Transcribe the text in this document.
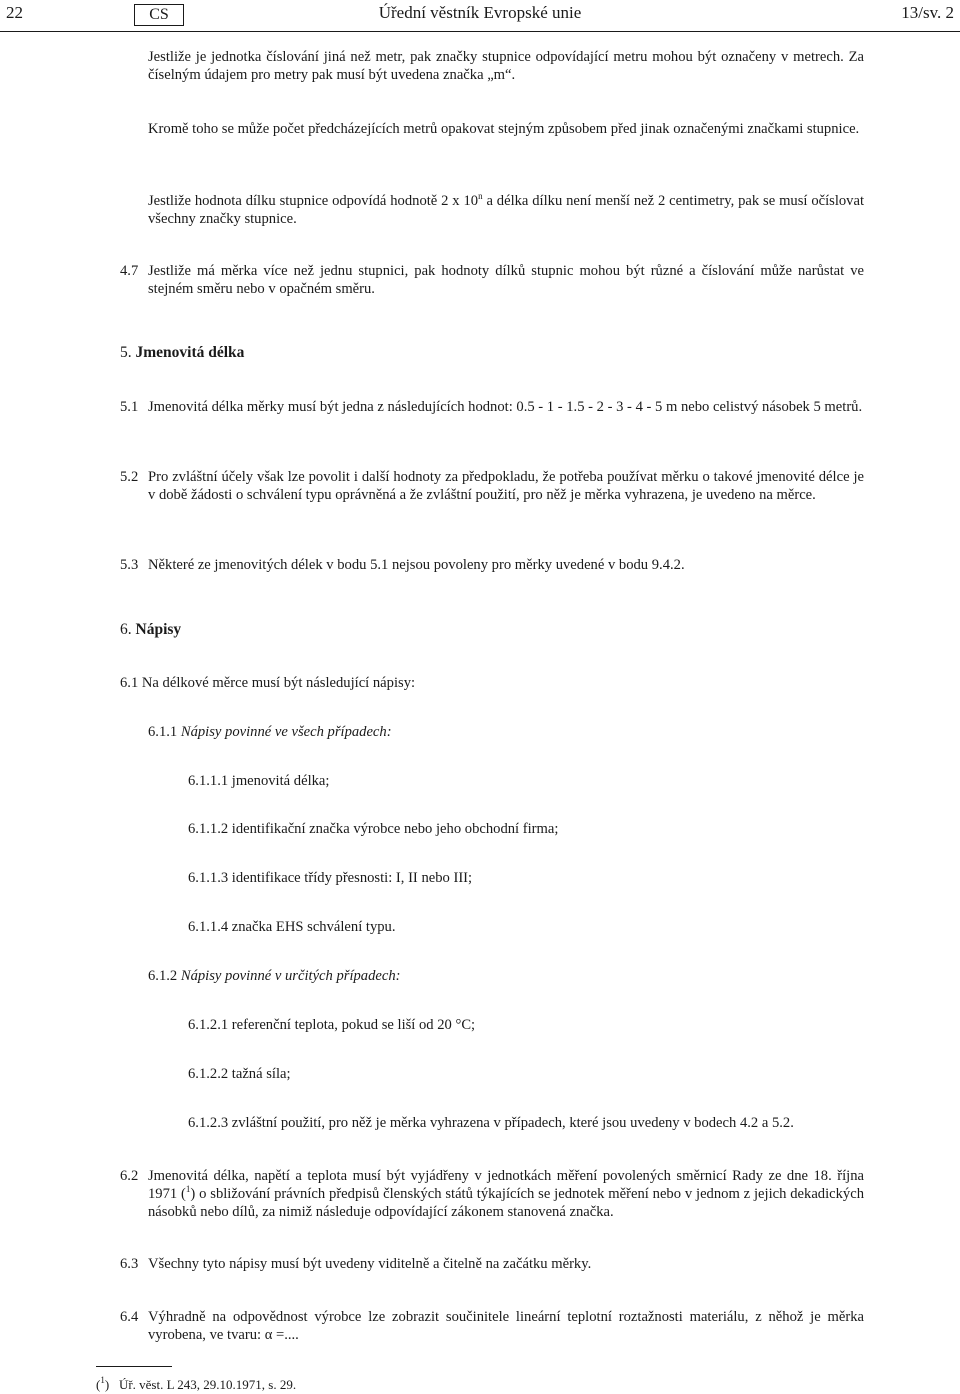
22	Úřední věstník Evropské unie
CS	13/sv. 2
Jestliže je jednotka číslování jiná než metr, pak značky stupnice odpovídající metru mohou být označeny v metrech. Za číselným údajem pro metry pak musí být uvedena značka „m“.
Kromě toho se může počet předcházejících metrů opakovat stejným způsobem před jinak označenými značkami stupnice.
Jestliže hodnota dílku stupnice odpovídá hodnotě 2 x 10$^n$ a délka dílku není menší než 2 centimetry, pak se musí očíslovat všechny značky stupnice.
4.7 Jestliže má měrka více než jednu stupnici, pak hodnoty dílků stupnic mohou být různé a číslování může narůstat ve stejném směru nebo v opačném směru.
5. Jmenovitá délka
5.1 Jmenovitá délka měrky musí být jedna z následujících hodnot: 0.5 - 1 - 1.5 - 2 - 3 - 4 - 5 m nebo celistvý násobek 5 metrů.
5.2 Pro zvláštní účely však lze povolit i další hodnoty za předpokladu, že potřeba používat měrku o takové jmenovité délce je v době žádosti o schválení typu oprávněná a že zvláštní použití, pro něž je měrka vyhrazena, je uvedeno na měrce.
5.3 Některé ze jmenovitých délek v bodu 5.1 nejsou povoleny pro měrky uvedené v bodu 9.4.2.
6. Nápisy
6.1 Na délkové měrce musí být následující nápisy:
6.1.1 Nápisy povinné ve všech případech:
6.1.1.1 jmenovitá délka;
6.1.1.2 identifikační značka výrobce nebo jeho obchodní firma;
6.1.1.3 identifikace třídy přesnosti: I, II nebo III;
6.1.1.4 značka EHS schválení typu.
6.1.2 Nápisy povinné v určitých případech:
6.1.2.1 referenční teplota, pokud se liší od 20 °C;
6.1.2.2 tažná síla;
6.1.2.3 zvláštní použití, pro něž je měrka vyhrazena v případech, které jsou uvedeny v bodech 4.2 a 5.2.
6.2 Jmenovitá délka, napětí a teplota musí být vyjádřeny v jednotkách měření povolených směrnicí Rady ze dne 18. října 1971 ($^1$) o sbližování právních předpisů členských států týkajících se jednotek měření nebo v jednom z jejich dekadických násobků nebo dílů, za nimiž následuje odpovídající zákonem stanovená značka.
6.3 Všechny tyto nápisy musí být uvedeny viditelně a čitelně na začátku měrky.
6.4 Výhradně na odpovědnost výrobce lze zobrazit součinitele lineární teplotní roztažnosti materiálu, z něhož je měrka vyrobena, ve tvaru: α =....
($^1$) Úř. věst. L 243, 29.10.1971, s. 29.
